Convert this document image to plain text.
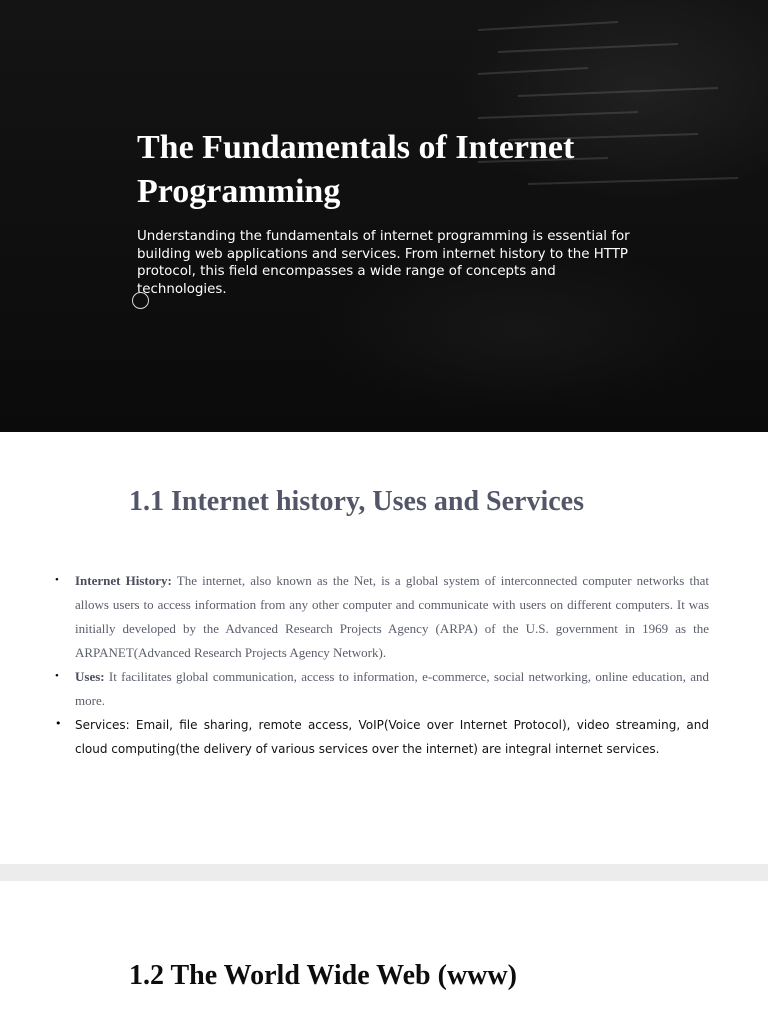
The Fundamentals of Internet Programming

Understanding the fundamentals of internet programming is essential for building web applications and services. From internet history to the HTTP protocol, this field encompasses a wide range of concepts and technologies.

1.1 Internet history, Uses and Services
• Internet History: The internet, also known as the Net, is a global system of interconnected computer networks that allows users to access information from any other computer and communicate with users on different computers. It was initially developed by the Advanced Research Projects Agency (ARPA) of the U.S. government in 1969 as the ARPANET(Advanced Research Projects Agency Network).
• Uses: It facilitates global communication, access to information, e-commerce, social networking, online education, and more.
• Services: Email, file sharing, remote access, VoIP(Voice over Internet Protocol), video streaming, and cloud computing(the delivery of various services over the internet) are integral internet services.
1.2 The World Wide Web (www)
